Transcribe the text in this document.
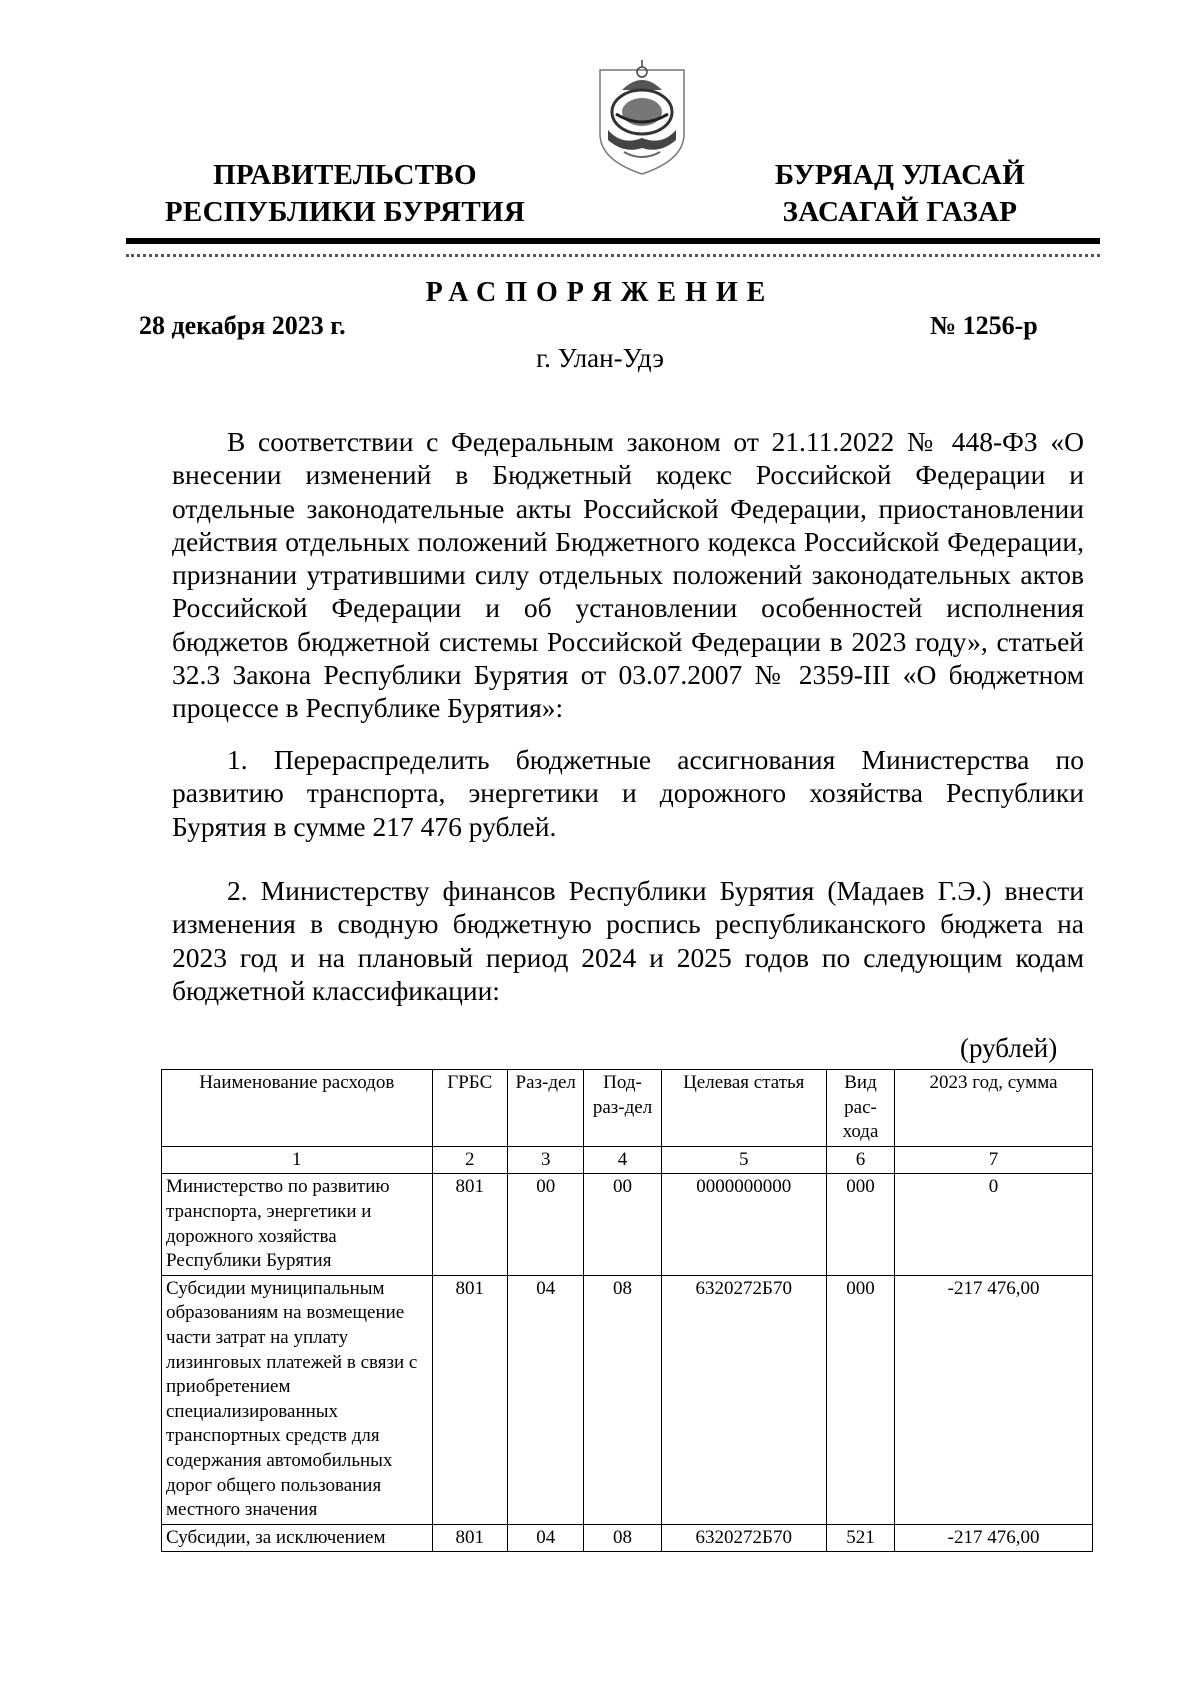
ПРАВИТЕЛЬСТВО
РЕСПУБЛИКИ БУРЯТИЯ
БУРЯАД УЛАСАЙ
ЗАСАГАЙ ГАЗАР
РАСПОРЯЖЕНИЕ
28 декабря 2023 г.	№ 1256-р
г. Улан-Удэ
В соответствии с Федеральным законом от 21.11.2022 № 448-ФЗ «О внесении изменений в Бюджетный кодекс Российской Федерации и отдельные законодательные акты Российской Федерации, приостановлении действия отдельных положений Бюджетного кодекса Российской Федерации, признании утратившими силу отдельных положений законодательных актов Российской Федерации и об установлении особенностей исполнения бюджетов бюджетной системы Российской Федерации в 2023 году», статьей 32.3 Закона Республики Бурятия от 03.07.2007 № 2359-III «О бюджетном процессе в Республике Бурятия»:
1. Перераспределить бюджетные ассигнования Министерства по развитию транспорта, энергетики и дорожного хозяйства Республики Бурятия в сумме 217 476 рублей.
2. Министерству финансов Республики Бурятия (Мадаев Г.Э.) внести изменения в сводную бюджетную роспись республиканского бюджета на 2023 год и на плановый период 2024 и 2025 годов по следующим кодам бюджетной классификации:
(рублей)
Наименование расходов	ГРБС	Раз-дел	Под-раз-дел	Целевая статья	Вид рас-хода	2023 год, сумма
1	2	3	4	5	6	7
Министерство по развитию транспорта, энергетики и дорожного хозяйства Республики Бурятия	801	00	00	0000000000	000	0
Субсидии муниципальным образованиям на возмещение части затрат на уплату лизинговых платежей в связи с приобретением специализированных транспортных средств для содержания автомобильных дорог общего пользования местного значения	801	04	08	6320272Б70	000	-217 476,00
Субсидии, за исключением	801	04	08	6320272Б70	521	-217 476,00
